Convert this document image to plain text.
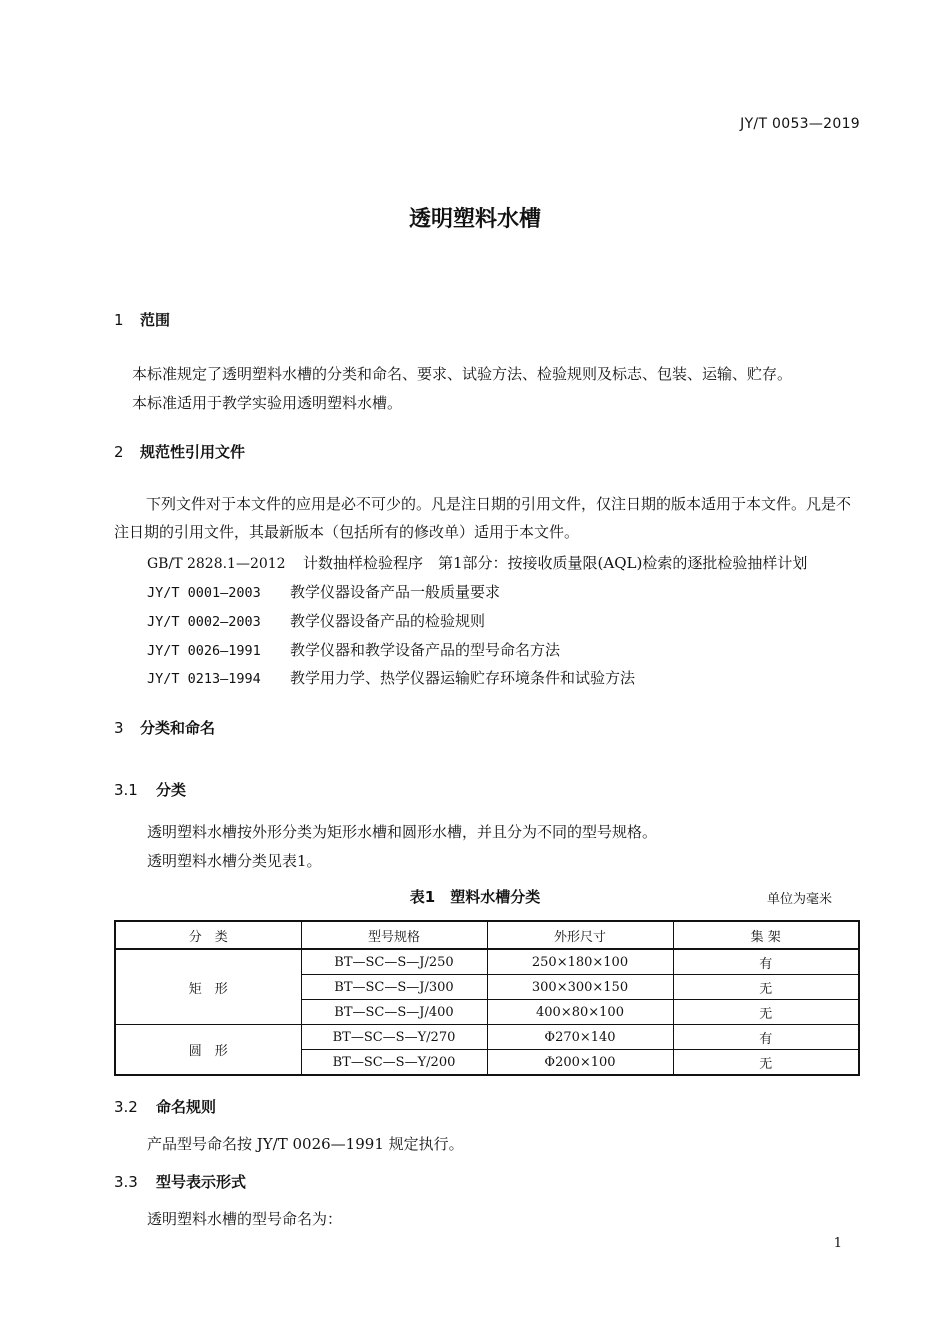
JY/T 0053—2019
透明塑料水槽
1 范围
本标准规定了透明塑料水槽的分类和命名、要求、试验方法、检验规则及标志、包装、运输、贮存。
本标准适用于教学实验用透明塑料水槽。
2 规范性引用文件
下列文件对于本文件的应用是必不可少的。凡是注日期的引用文件，仅注日期的版本适用于本文件。凡是不注日期的引用文件，其最新版本（包括所有的修改单）适用于本文件。
GB/T 2828.1—2012 计数抽样检验程序　第1部分：按接收质量限(AQL)检索的逐批检验抽样计划
JY/T 0001—2003 教学仪器设备产品一般质量要求
JY/T 0002—2003 教学仪器设备产品的检验规则
JY/T 0026—1991 教学仪器和教学设备产品的型号命名方法
JY/T 0213—1994 教学用力学、热学仪器运输贮存环境条件和试验方法
3 分类和命名
3.1 分类
透明塑料水槽按外形分类为矩形水槽和圆形水槽，并且分为不同的型号规格。
透明塑料水槽分类见表1。
表1　塑料水槽分类	单位为毫米
分　类	型号规格	外形尺寸	集 架
矩　形	BT—SC—S—J/250	250×180×100	有
	BT—SC—S—J/300	300×300×150	无
	BT—SC—S—J/400	400×80×100	无
圆　形	BT—SC—S—Y/270	Φ270×140	有
	BT—SC—S—Y/200	Φ200×100	无
3.2 命名规则
产品型号命名按 JY/T 0026—1991 规定执行。
3.3 型号表示形式
透明塑料水槽的型号命名为：
1
